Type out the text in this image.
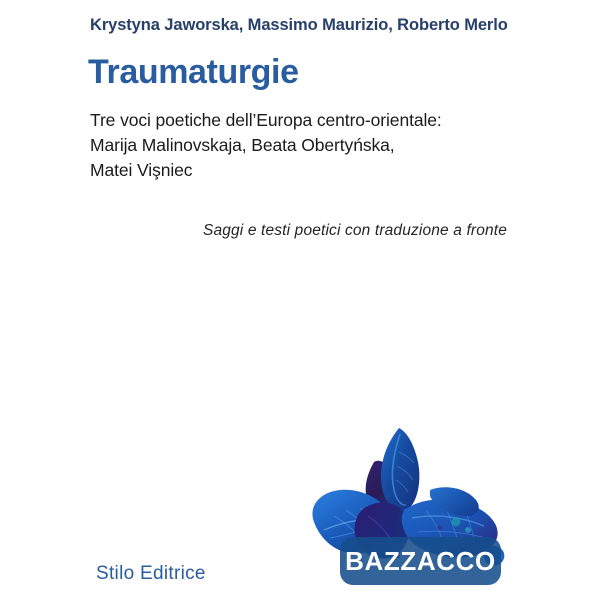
Krystyna Jaworska, Massimo Maurizio, Roberto Merlo
Traumaturgie
Tre voci poetiche dell’Europa centro-orientale:
Marija Malinovskaja, Beata Obertyńska,
Matei Vişniec
Saggi e testi poetici con traduzione a fronte
BAZZACCO
Stilo Editrice
